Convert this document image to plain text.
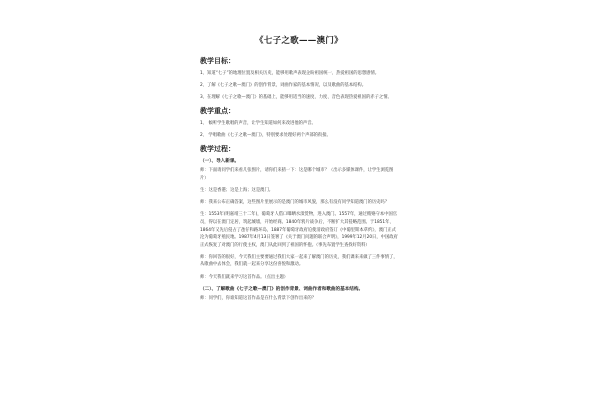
《七子之歌——澳门》
教学目标：
1、知道“七子”的地理位置及相关历史，能够用歌声表现企盼祖国统一、热爱祖国的思想感情。
2、了解《七子之歌—澳门》的创作背景，词曲作家的基本情况，以及歌曲的基本结构。
3、在理解《七子之歌—澳门》的基础上，能够用适当的速度、力度、音色表现热爱祖国的赤子之情。
教学重点：
1、 倾听学生歌唱的声音，让学生知道如何来改进他的声音。
2、 学唱歌曲《七子之歌—澳门》，特别要求处理好两个声部的衔接。
教学过程：
（一）、导入新课。
师：下面请同学们来看几张图片，请你们来猜一下：这是哪个城市？（出示多媒体课件，让学生浏览图片）
生：这是香港；这是上海；这是澳门。
师：我来公布正确答案，这些图片里展示的是澳门的城市风貌，那么有没有同学知道澳门的历史吗？
生：1553年(明嘉靖三十二年)，葡萄牙人借口曝晒水渍货物，进入澳门。1557年，通过贿赂守本中国官员，得以在澳门定居，筑起城墙，开始经商。1840年鸦片战争后，不断扩大其侵略范围。于1851年、1864年又先后侵占了氹仔和路环岛，1887年葡萄牙政府迫使清政府签订《中葡里斯本草约》，澳门正式沦为葡萄牙殖民地。1987年4月13日签署了《关于澳门问题的联合声明》，1999年12月20日，中国政府正式恢复了对澳门的行使主权，澳门从此回到了祖国的怀抱。（事先布置学生查找好资料）
师：你回答的很好，今天我们主要要通过我们大家一起来了解澳门的历史，我们课来来做了三件事情了，从歌曲中去体会，我们就一起来分享这份喜悦和激动。
师：今天我们就来学习这首作品。（点出主题）
（二）、了解歌曲《七子之歌—澳门》的创作背景、词曲作者和歌曲的基本结构。
师：同学们，你谁知道这首作品是在什么背景下创作出来的？
